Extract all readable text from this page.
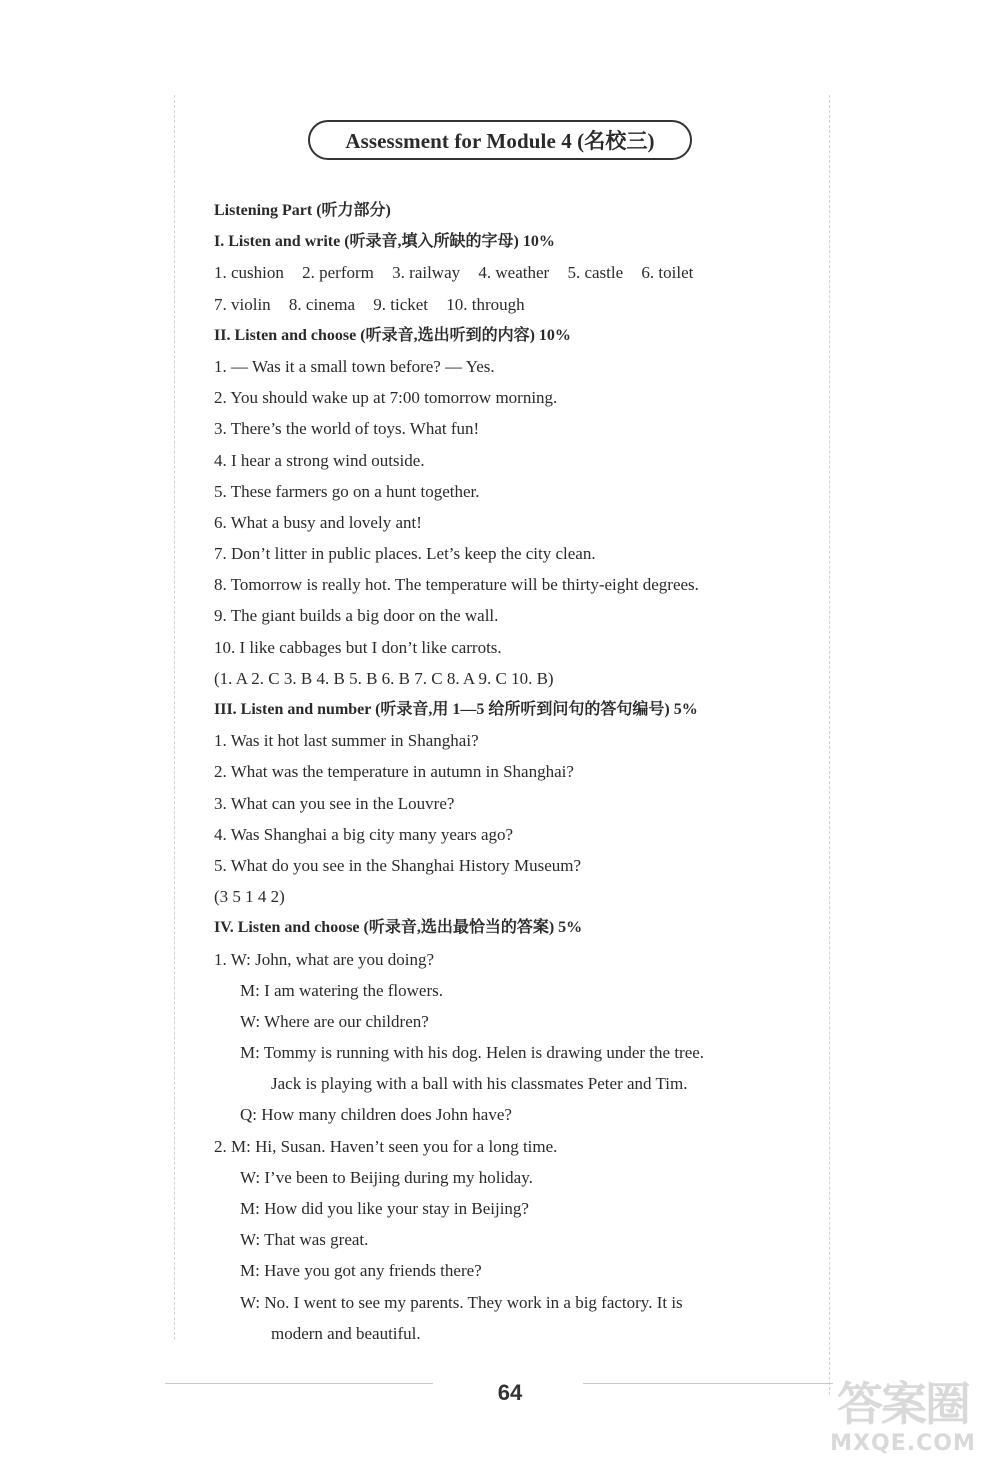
Assessment for Module 4 (名校三)
Listening Part (听力部分)
I. Listen and write (听录音,填入所缺的字母) 10%
1. cushion 2. perform 3. railway 4. weather 5. castle 6. toilet
7. violin 8. cinema 9. ticket 10. through
II. Listen and choose (听录音,选出听到的内容) 10%
1. — Was it a small town before? — Yes.
2. You should wake up at 7:00 tomorrow morning.
3. There’s the world of toys. What fun!
4. I hear a strong wind outside.
5. These farmers go on a hunt together.
6. What a busy and lovely ant!
7. Don’t litter in public places. Let’s keep the city clean.
8. Tomorrow is really hot. The temperature will be thirty-eight degrees.
9. The giant builds a big door on the wall.
10. I like cabbages but I don’t like carrots.
(1. A 2. C 3. B 4. B 5. B 6. B 7. C 8. A 9. C 10. B)
III. Listen and number (听录音,用 1—5 给所听到问句的答句编号) 5%
1. Was it hot last summer in Shanghai?
2. What was the temperature in autumn in Shanghai?
3. What can you see in the Louvre?
4. Was Shanghai a big city many years ago?
5. What do you see in the Shanghai History Museum?
(3 5 1 4 2)
IV. Listen and choose (听录音,选出最恰当的答案) 5%
1. W: John, what are you doing?
M: I am watering the flowers.
W: Where are our children?
M: Tommy is running with his dog. Helen is drawing under the tree.
Jack is playing with a ball with his classmates Peter and Tim.
Q: How many children does John have?
2. M: Hi, Susan. Haven’t seen you for a long time.
W: I’ve been to Beijing during my holiday.
M: How did you like your stay in Beijing?
W: That was great.
M: Have you got any friends there?
W: No. I went to see my parents. They work in a big factory. It is
modern and beautiful.
64	答案圈
MXQE.COM
